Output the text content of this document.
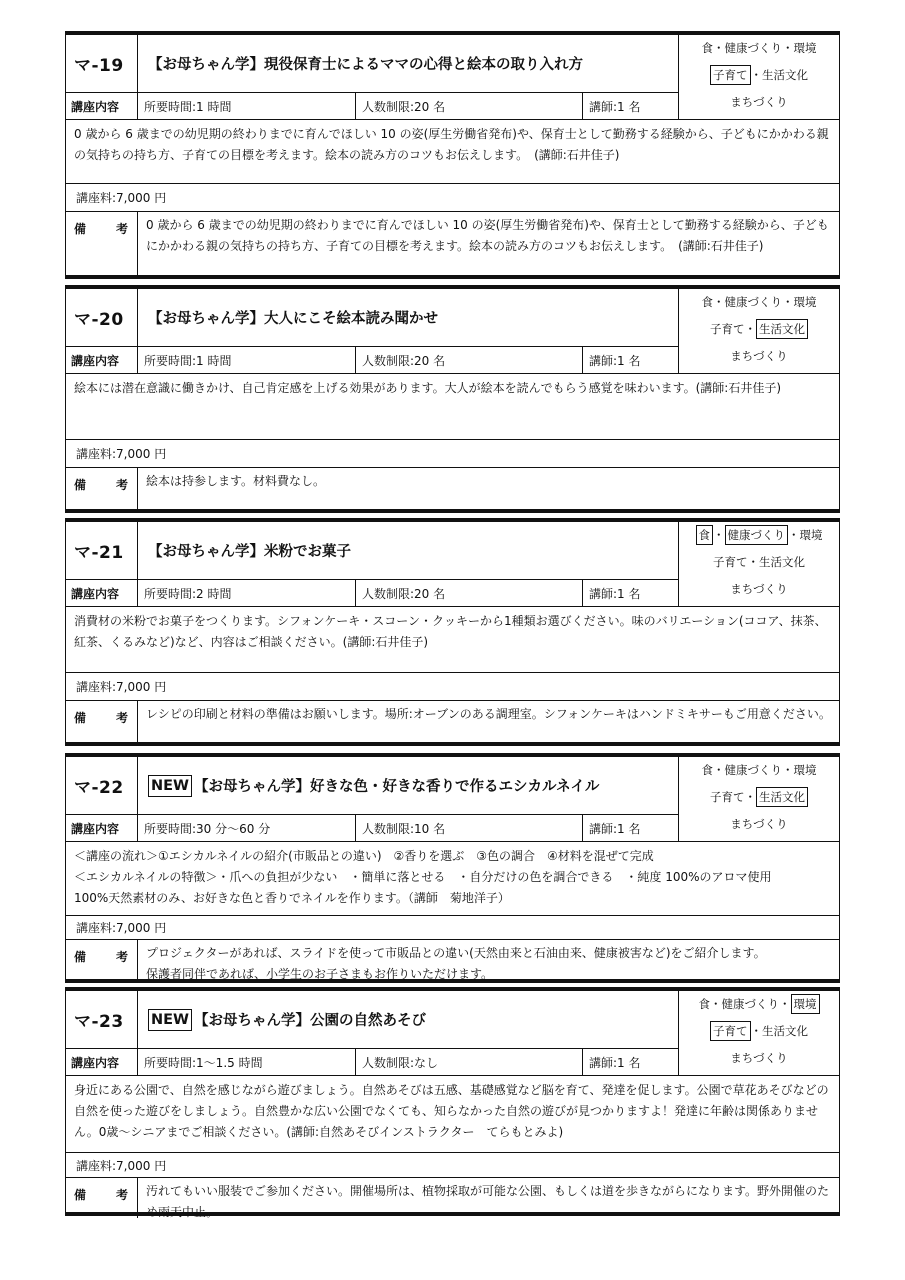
マ-19	【お母ちゃん学】現役保育士によるママの心得と絵本の取り入れ方
食・健康づくり・環境
子育て ・生活文化
まちづくり
講座内容	所要時間:1 時間	人数制限:20 名	講師:1 名
0 歳から 6 歳までの幼児期の終わりまでに育んでほしい 10 の姿(厚生労働省発布)や、保育士として勤務する経験から、子どもにかかわる親の気持ちの持ち方、子育ての目標を考えます。絵本の読み方のコツもお伝えします。　(講師:石井佳子)
講座料:7,000 円
備　　考	0 歳から 6 歳までの幼児期の終わりまでに育んでほしい 10 の姿(厚生労働省発布)や、保育士として勤務する経験から、子どもにかかわる親の気持ちの持ち方、子育ての目標を考えます。絵本の読み方のコツもお伝えします。　(講師:石井佳子)
マ-20	【お母ちゃん学】大人にこそ絵本読み聞かせ
食・健康づくり・環境
子育て・ 生活文化
まちづくり
講座内容	所要時間:1 時間	人数制限:20 名	講師:1 名
絵本には潜在意識に働きかけ、自己肯定感を上げる効果があります。大人が絵本を読んでもらう感覚を味わいます。(講師:石井佳子)
講座料:7,000 円
備　　考	絵本は持参します。材料費なし。
マ-21	【お母ちゃん学】米粉でお菓子
食 ・ 健康づくり ・環境
子育て・生活文化
まちづくり
講座内容	所要時間:2 時間	人数制限:20 名	講師:1 名
消費材の米粉でお菓子をつくります。シフォンケーキ・スコーン・クッキーから1種類お選びください。味のバリエーション(ココア、抹茶、紅茶、くるみなど)など、内容はご相談ください。(講師:石井佳子)
講座料:7,000 円
備　　考	レシピの印刷と材料の準備はお願いします。場所:オーブンのある調理室。シフォンケーキはハンドミキサーもご用意ください。
マ-22	NEW 【お母ちゃん学】好きな色・好きな香りで作るエシカルネイル
食・健康づくり・環境
子育て・ 生活文化
まちづくり
講座内容	所要時間:30 分～60 分	人数制限:10 名	講師:1 名
＜講座の流れ＞①エシカルネイルの紹介(市販品との違い)　②香りを選ぶ　③色の調合　④材料を混ぜて完成
＜エシカルネイルの特徴＞・爪への負担が少ない　・簡単に落とせる　・自分だけの色を調合できる　・純度 100%のアロマ使用
100%天然素材のみ、お好きな色と香りでネイルを作ります。（講師　菊地洋子）
講座料:7,000 円
備　　考	プロジェクターがあれば、スライドを使って市販品との違い(天然由来と石油由来、健康被害など)をご紹介します。
保護者同伴であれば、小学生のお子さまもお作りいただけます。
マ-23	NEW 【お母ちゃん学】公園の自然あそび
食・健康づくり・ 環境
子育て ・生活文化
まちづくり
講座内容	所要時間:1～1.5 時間	人数制限:なし	講師:1 名
身近にある公園で、自然を感じながら遊びましょう。自然あそびは五感、基礎感覚など脳を育て、発達を促します。公園で草花あそびなどの自然を使った遊びをしましょう。自然豊かな広い公園でなくても、知らなかった自然の遊びが見つかりますよ！発達に年齢は関係ありません。0歳～シニアまでご相談ください。(講師:自然あそびインストラクター　てらもとみよ)
講座料:7,000 円
備　　考	汚れてもいい服装でご参加ください。開催場所は、植物採取が可能な公園、もしくは道を歩きながらになります。野外開催のため雨天中止。
